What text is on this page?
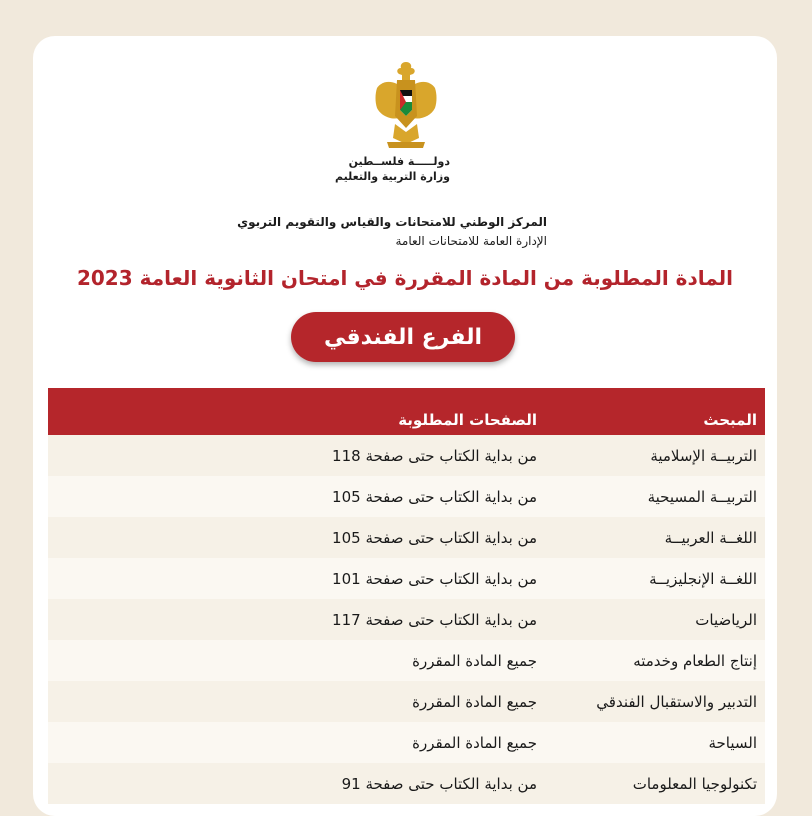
دولـــــة فلســطين
وزارة التربية والتعليم
المركز الوطني للامتحانات والقياس والتقويم التربوي
الإدارة العامة للامتحانات العامة
المادة المطلوبة من المادة المقررة في امتحان الثانوية العامة 2023
الفرع الفندقي
المبحث	الصفحات المطلوبة
التربيــة الإسلامية	من بداية الكتاب حتى صفحة 118
التربيــة المسيحية	من بداية الكتاب حتى صفحة 105
اللغــة العربيــة	من بداية الكتاب حتى صفحة 105
اللغــة الإنجليزيــة	من بداية الكتاب حتى صفحة 101
الرياضيات	من بداية الكتاب حتى صفحة 117
إنتاج الطعام وخدمته	جميع المادة المقررة
التدبير والاستقبال الفندقي	جميع المادة المقررة
السياحة	جميع المادة المقررة
تكنولوجيا المعلومات	من بداية الكتاب حتى صفحة 91
